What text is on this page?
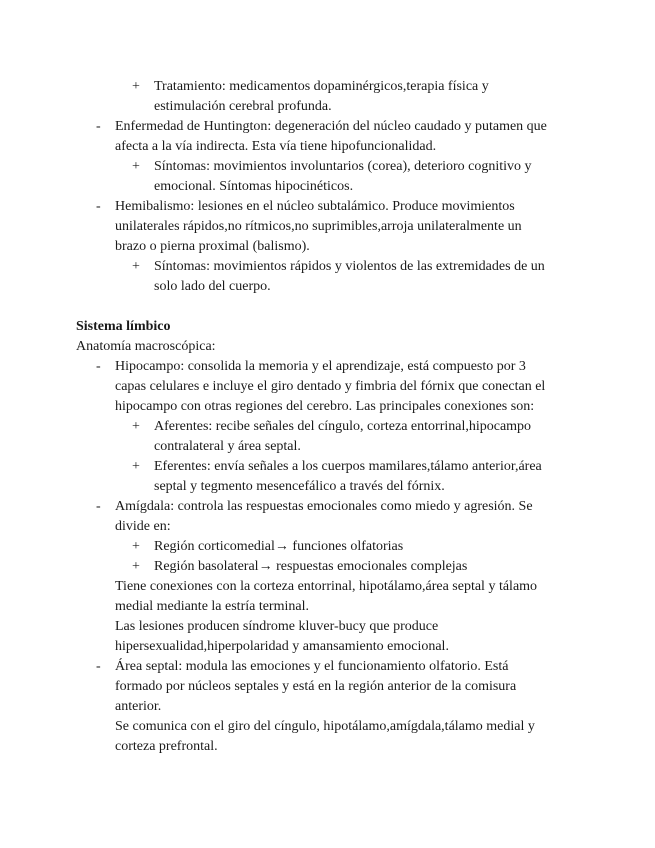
+ Tratamiento: medicamentos dopaminérgicos,terapia física y
estimulación cerebral profunda.
- Enfermedad de Huntington: degeneración del núcleo caudado y putamen que
afecta a la vía indirecta. Esta vía tiene hipofuncionalidad.
+ Síntomas: movimientos involuntarios (corea), deterioro cognitivo y
emocional. Síntomas hipocinéticos.
- Hemibalismo: lesiones en el núcleo subtalámico. Produce movimientos
unilaterales rápidos,no rítmicos,no suprimibles,arroja unilateralmente un
brazo o pierna proximal (balismo).
+ Síntomas: movimientos rápidos y violentos de las extremidades de un
solo lado del cuerpo.
Sistema límbico
Anatomía macroscópica:
- Hipocampo: consolida la memoria y el aprendizaje, está compuesto por 3
capas celulares e incluye el giro dentado y fimbria del fórnix que conectan el
hipocampo con otras regiones del cerebro. Las principales conexiones son:
+ Aferentes: recibe señales del cíngulo, corteza entorrinal,hipocampo
contralateral y área septal.
+ Eferentes: envía señales a los cuerpos mamilares,tálamo anterior,área
septal y tegmento mesencefálico a través del fórnix.
- Amígdala: controla las respuestas emocionales como miedo y agresión. Se
divide en:
+ Región corticomedial→ funciones olfatorias
+ Región basolateral→ respuestas emocionales complejas
Tiene conexiones con la corteza entorrinal, hipotálamo,área septal y tálamo
medial mediante la estría terminal.
Las lesiones producen síndrome kluver-bucy que produce
hipersexualidad,hiperpolaridad y amansamiento emocional.
- Área septal: modula las emociones y el funcionamiento olfatorio. Está
formado por núcleos septales y está en la región anterior de la comisura
anterior.
Se comunica con el giro del cíngulo, hipotálamo,amígdala,tálamo medial y
corteza prefrontal.
